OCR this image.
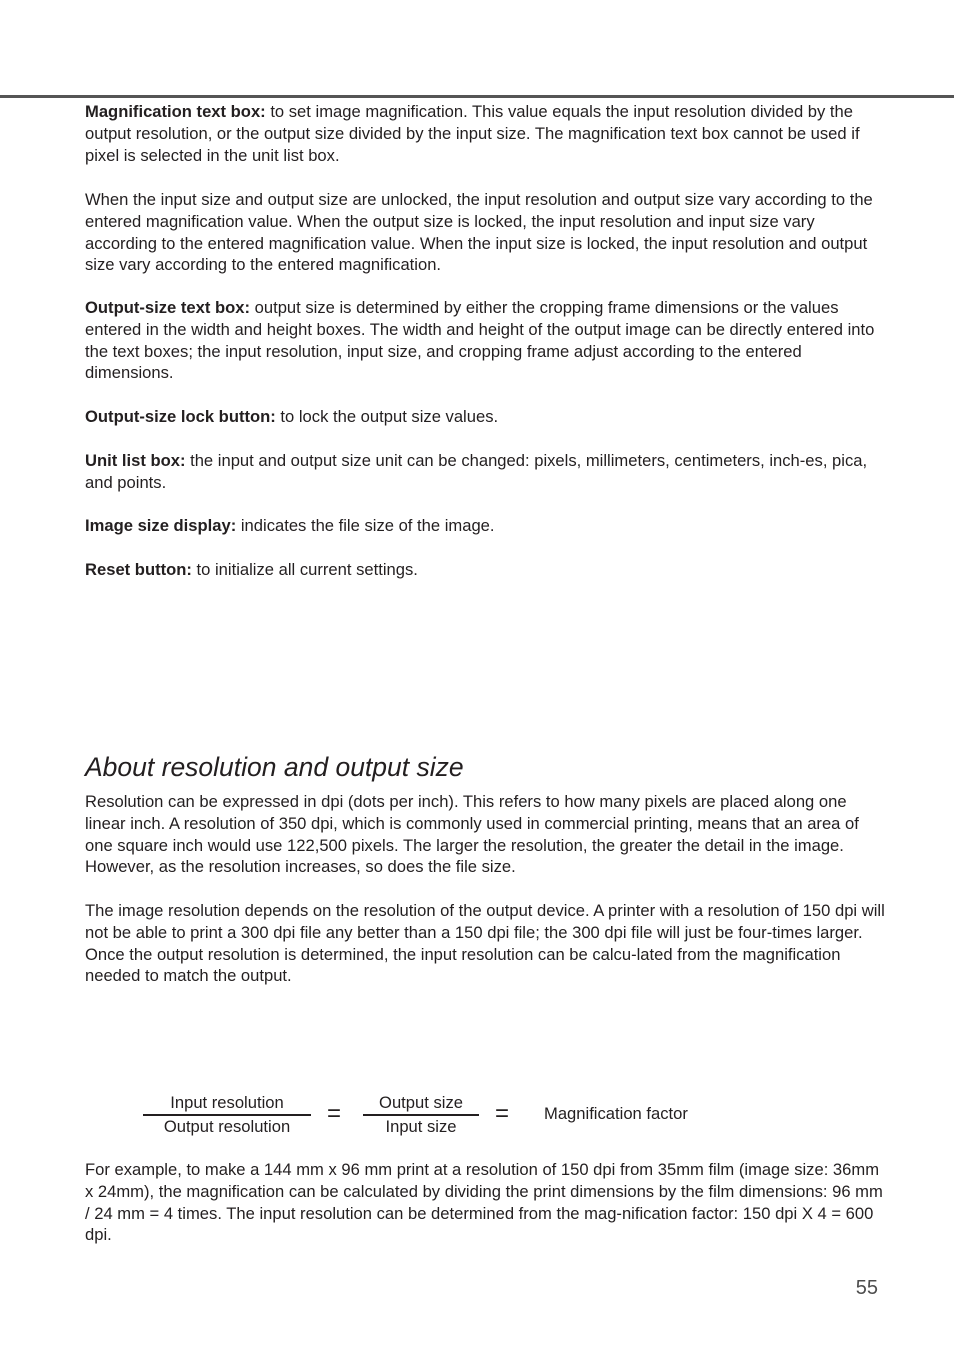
Magnification text box: to set image magnification. This value equals the input resolution divided by the output resolution, or the output size divided by the input size. The magnification text box cannot be used if pixel is selected in the unit list box.

When the input size and output size are unlocked, the input resolution and output size vary according to the entered magnification value. When the output size is locked, the input resolution and input size vary according to the entered magnification value. When the input size is locked, the input resolution and output size vary according to the entered magnification.

Output-size text box: output size is determined by either the cropping frame dimensions or the values entered in the width and height boxes. The width and height of the output image can be directly entered into the text boxes; the input resolution, input size, and cropping frame adjust according to the entered dimensions.

Output-size lock button: to lock the output size values.

Unit list box: the input and output size unit can be changed: pixels, millimeters, centimeters, inch-es, pica, and points.

Image size display: indicates the file size of the image.

Reset button: to initialize all current settings.

About resolution and output size

Resolution can be expressed in dpi (dots per inch). This refers to how many pixels are placed along one linear inch. A resolution of 350 dpi, which is commonly used in commercial printing, means that an area of one square inch would use 122,500 pixels. The larger the resolution, the greater the detail in the image. However, as the resolution increases, so does the file size.

The image resolution depends on the resolution of the output device. A printer with a resolution of 150 dpi will not be able to print a 300 dpi file any better than a 150 dpi file; the 300 dpi file will just be four-times larger. Once the output resolution is determined, the input resolution can be calcu-lated from the magnification needed to match the output.

Input resolution
Output resolution	=	Output size
Input size	= Magnification factor

For example, to make a 144 mm x 96 mm print at a resolution of 150 dpi from 35mm film (image size: 36mm x 24mm), the magnification can be calculated by dividing the print dimensions by the film dimensions: 96 mm / 24 mm = 4 times. The input resolution can be determined from the mag-nification factor: 150 dpi X 4 = 600 dpi.

55
